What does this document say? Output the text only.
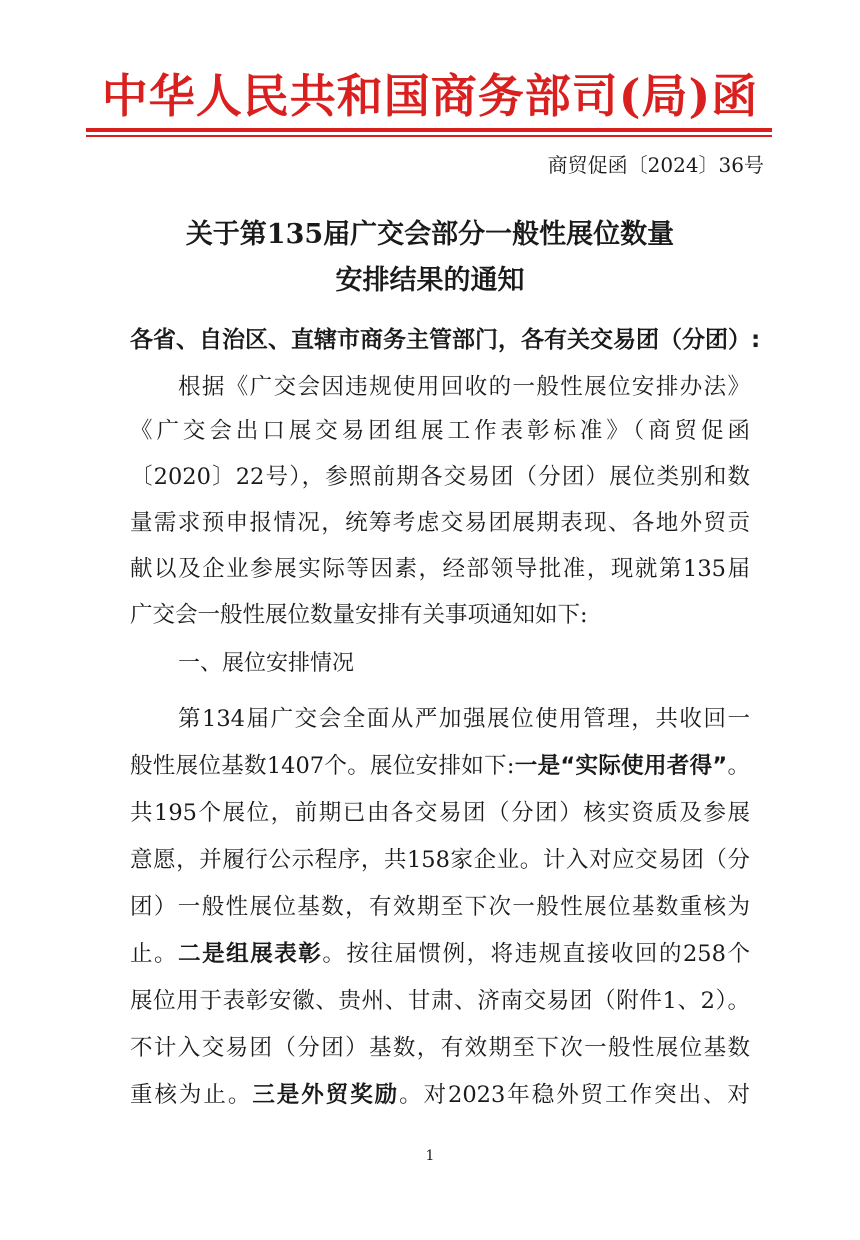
中华人民共和国商务部司(局)函
商贸促函〔2024〕36号
关于第135届广交会部分一般性展位数量
安排结果的通知
各省、自治区、直辖市商务主管部门，各有关交易团（分团）:
根据《广交会因违规使用回收的一般性展位安排办法》
《广交会出口展交易团组展工作表彰标准》（商贸促函
〔2020〕22号），参照前期各交易团（分团）展位类别和数
量需求预申报情况，统筹考虑交易团展期表现、各地外贸贡
献以及企业参展实际等因素，经部领导批准，现就第135届
广交会一般性展位数量安排有关事项通知如下:
一、展位安排情况
第134届广交会全面从严加强展位使用管理，共收回一
般性展位基数1407个。展位安排如下:一是“实际使用者得”。
共195个展位，前期已由各交易团（分团）核实资质及参展
意愿，并履行公示程序，共158家企业。计入对应交易团（分
团）一般性展位基数，有效期至下次一般性展位基数重核为
止。二是组展表彰。按往届惯例，将违规直接收回的258个
展位用于表彰安徽、贵州、甘肃、济南交易团（附件1、2）。
不计入交易团（分团）基数，有效期至下次一般性展位基数
重核为止。三是外贸奖励。对2023年稳外贸工作突出、对
1
